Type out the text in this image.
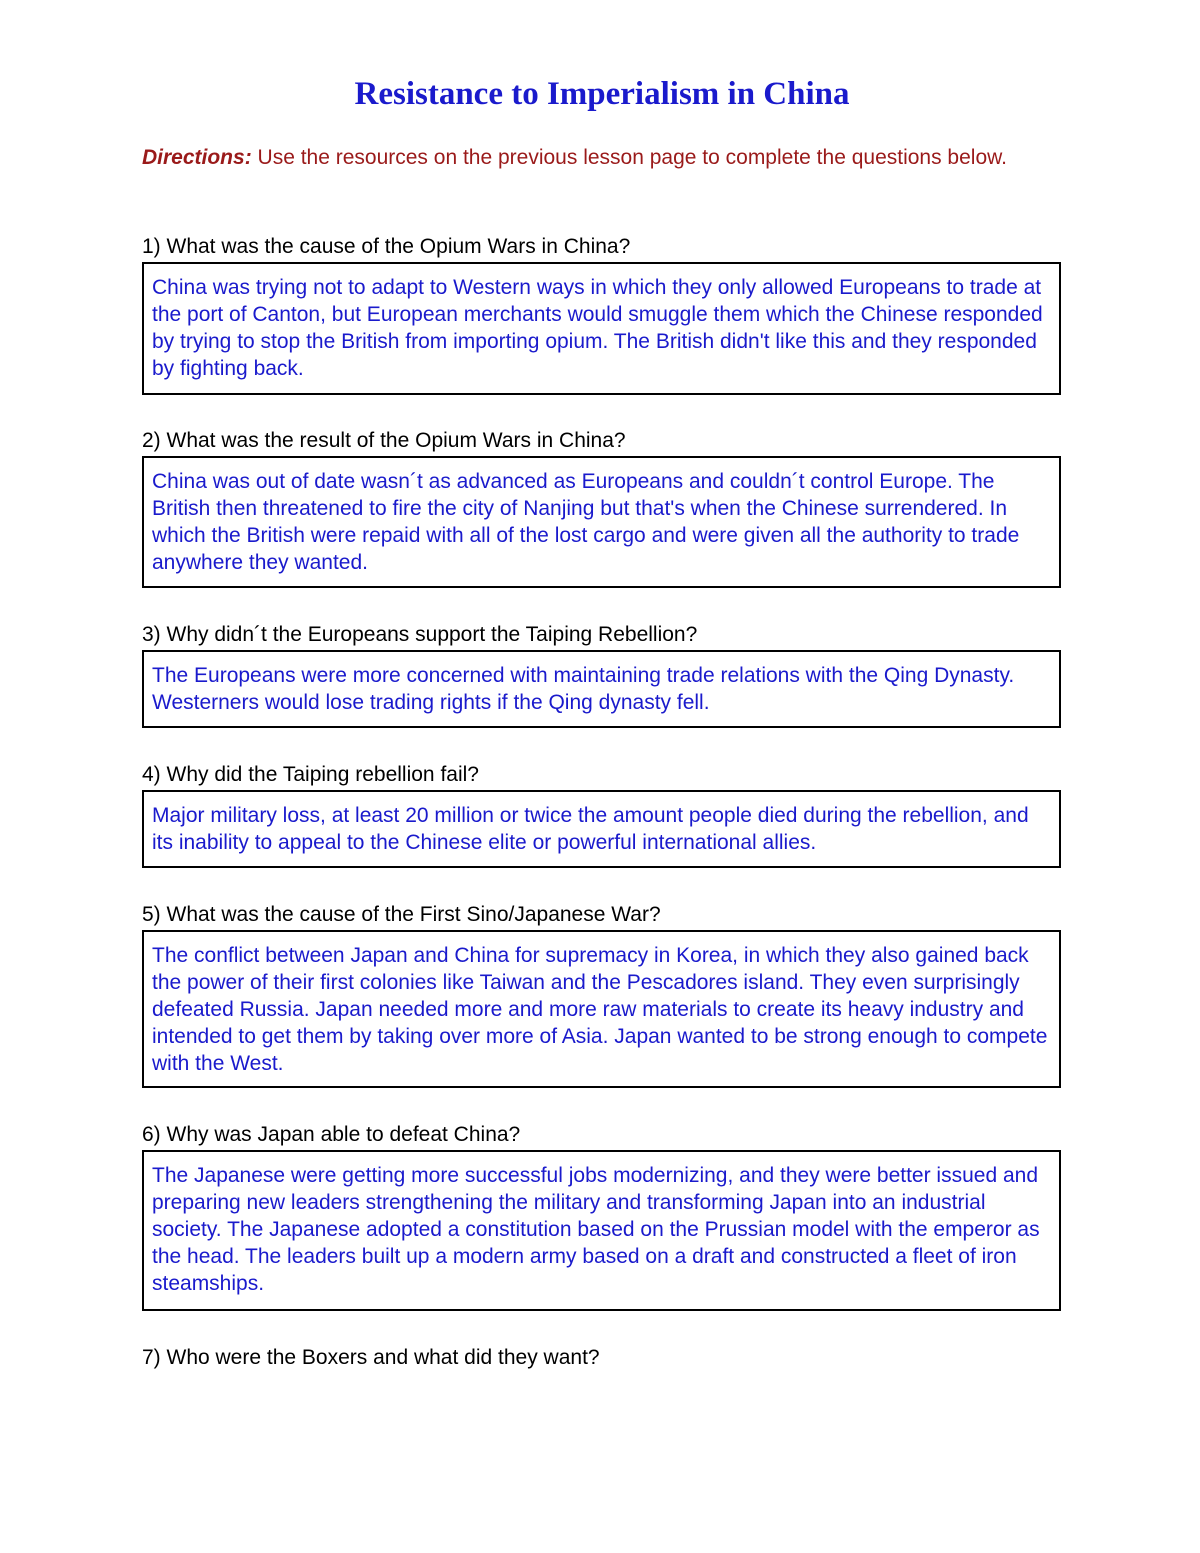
Resistance to Imperialism in China

Directions: Use the resources on the previous lesson page to complete the questions below.

1) What was the cause of the Opium Wars in China?

China was trying not to adapt to Western ways in which they only allowed Europeans to trade at the port of Canton, but European merchants would smuggle them which the Chinese responded by trying to stop the British from importing opium. The British didn't like this and they responded by fighting back.

2) What was the result of the Opium Wars in China?

China was out of date wasn´t as advanced as Europeans and couldn´t control Europe. The British then threatened to fire the city of Nanjing but that's when the Chinese surrendered. In which the British were repaid with all of the lost cargo and were given all the authority to trade anywhere they wanted.

3) Why didn´t the Europeans support the Taiping Rebellion?

The Europeans were more concerned with maintaining trade relations with the Qing Dynasty. Westerners would lose trading rights if the Qing dynasty fell.

4) Why did the Taiping rebellion fail?

Major military loss, at least 20 million or twice the amount people died during the rebellion, and its inability to appeal to the Chinese elite or powerful international allies.

5) What was the cause of the First Sino/Japanese War?

The conflict between Japan and China for supremacy in Korea, in which they also gained back the power of their first colonies like Taiwan and the Pescadores island. They even surprisingly defeated Russia. Japan needed more and more raw materials to create its heavy industry and intended to get them by taking over more of Asia. Japan wanted to be strong enough to compete with the West.

6) Why was Japan able to defeat China?

The Japanese were getting more successful jobs modernizing, and they were better issued and preparing new leaders strengthening the military and transforming Japan into an industrial society. The Japanese adopted a constitution based on the Prussian model with the emperor as the head. The leaders built up a modern army based on a draft and constructed a fleet of iron steamships.

7) Who were the Boxers and what did they want?
